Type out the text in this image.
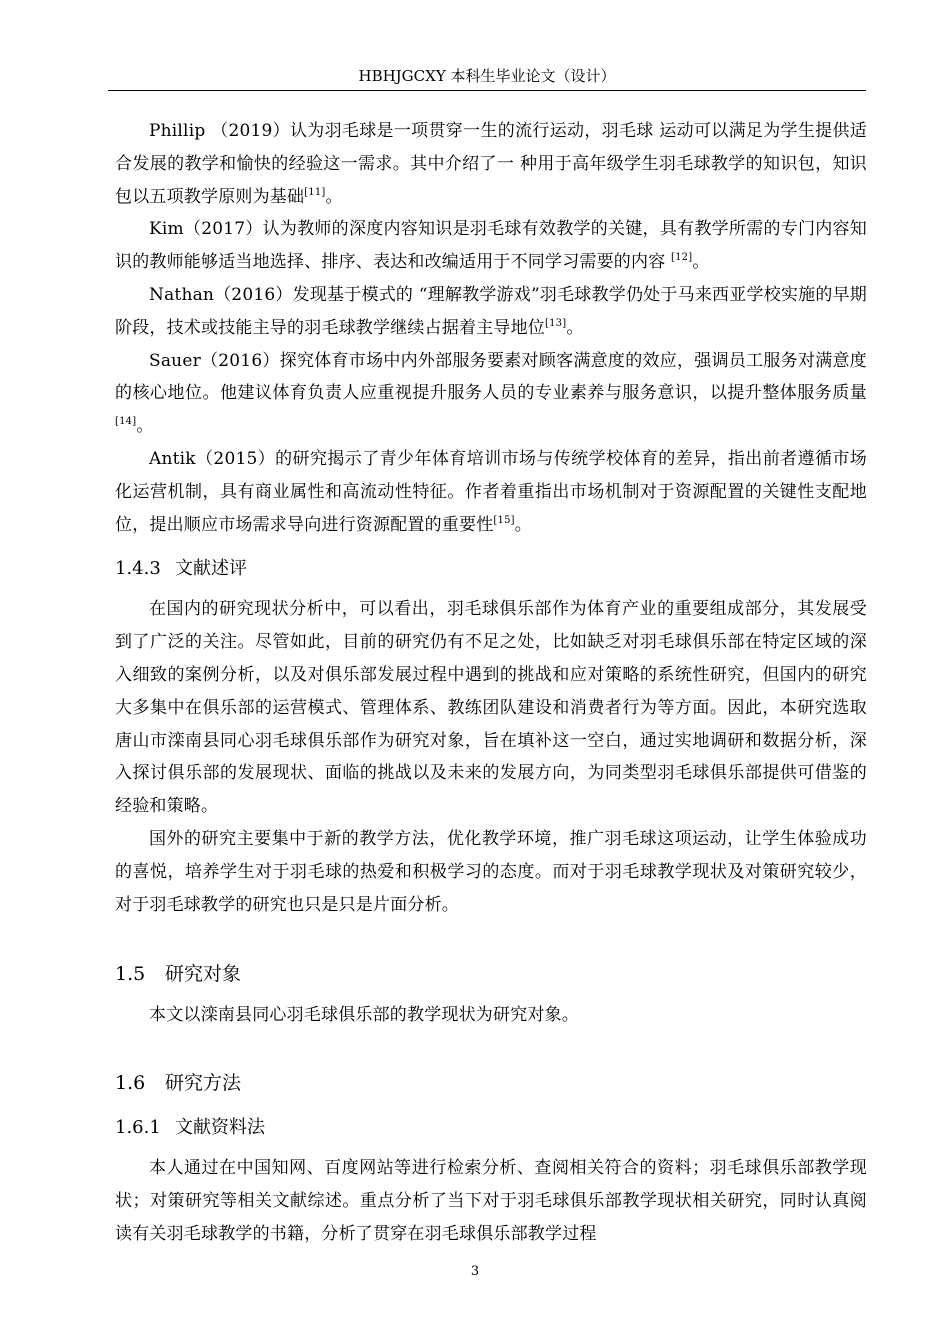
HBHJGCXY 本科生毕业论文（设计）

Phillip （2019）认为羽毛球是一项贯穿一生的流行运动，羽毛球 运动可以满足为学生提供适合发展的教学和愉快的经验这一需求。其中介绍了一 种用于高年级学生羽毛球教学的知识包，知识包以五项教学原则为基础[11]。

Kim（2017）认为教师的深度内容知识是羽毛球有效教学的关键，具有教学所需的专门内容知识的教师能够适当地选择、排序、表达和改编适用于不同学习需要的内容 [12]。

Nathan（2016）发现基于模式的 “理解教学游戏”羽毛球教学仍处于马来西亚学校实施的早期阶段，技术或技能主导的羽毛球教学继续占据着主导地位[13]。

Sauer（2016）探究体育市场中内外部服务要素对顾客满意度的效应，强调员工服务对满意度的核心地位。他建议体育负责人应重视提升服务人员的专业素养与服务意识，以提升整体服务质量[14]。

Antik（2015）的研究揭示了青少年体育培训市场与传统学校体育的差异，指出前者遵循市场化运营机制，具有商业属性和高流动性特征。作者着重指出市场机制对于资源配置的关键性支配地位，提出顺应市场需求导向进行资源配置的重要性[15]。

1.4.3 文献述评

在国内的研究现状分析中，可以看出，羽毛球俱乐部作为体育产业的重要组成部分，其发展受到了广泛的关注。尽管如此，目前的研究仍有不足之处，比如缺乏对羽毛球俱乐部在特定区域的深入细致的案例分析，以及对俱乐部发展过程中遇到的挑战和应对策略的系统性研究，但国内的研究大多集中在俱乐部的运营模式、管理体系、教练团队建设和消费者行为等方面。因此，本研究选取唐山市滦南县同心羽毛球俱乐部作为研究对象，旨在填补这一空白，通过实地调研和数据分析，深入探讨俱乐部的发展现状、面临的挑战以及未来的发展方向，为同类型羽毛球俱乐部提供可借鉴的经验和策略。

国外的研究主要集中于新的教学方法，优化教学环境，推广羽毛球这项运动，让学生体验成功的喜悦，培养学生对于羽毛球的热爱和积极学习的态度。而对于羽毛球教学现状及对策研究较少，对于羽毛球教学的研究也只是只是片面分析。

1.5 研究对象

本文以滦南县同心羽毛球俱乐部的教学现状为研究对象。

1.6 研究方法
1.6.1 文献资料法

本人通过在中国知网、百度网站等进行检索分析、查阅相关符合的资料；羽毛球俱乐部教学现状；对策研究等相关文献综述。重点分析了当下对于羽毛球俱乐部教学现状相关研究，同时认真阅读有关羽毛球教学的书籍，分析了贯穿在羽毛球俱乐部教学过程

3
